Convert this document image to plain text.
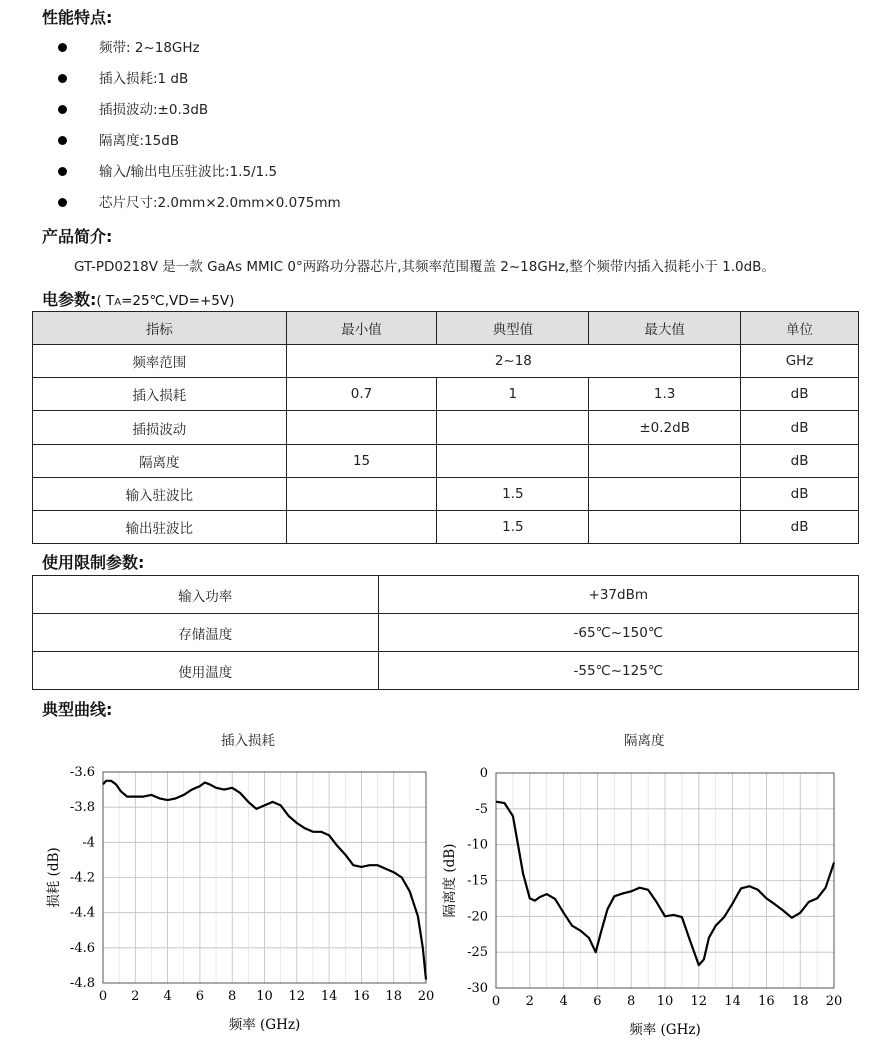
性能特点:
频带: 2~18GHz
插入损耗:1 dB
插损波动:±0.3dB
隔离度:15dB
输入/输出电压驻波比:1.5/1.5
芯片尺寸:2.0mm×2.0mm×0.075mm
产品简介:
GT-PD0218V 是一款 GaAs MMIC 0°两路功分器芯片,其频率范围覆盖 2~18GHz,整个频带内插入损耗小于 1.0dB。
电参数:( TA=25℃,VD=+5V)
指标	最小值	典型值	最大值	单位
频率范围	2~18			GHz
插入损耗	0.7	1	1.3	dB
插损波动			±0.2dB	dB
隔离度	15			dB
输入驻波比		1.5		dB
输出驻波比		1.5		dB
使用限制参数:
输入功率	+37dBm
存储温度	-65℃~150℃
使用温度	-55℃~125℃
典型曲线:
插入损耗	隔离度
0 2 4 6 8 10 12 14 16 18 20
-3.6
-3.8
-4
-4.2
-4.4
-4.6
-4.8
频率 (GHz)
损耗 (dB)
0 2 4 6 8 10 12 14 16 18 20
0
-5
-10
-15
-20
-25
-30
频率 (GHz)
隔离度 (dB)
